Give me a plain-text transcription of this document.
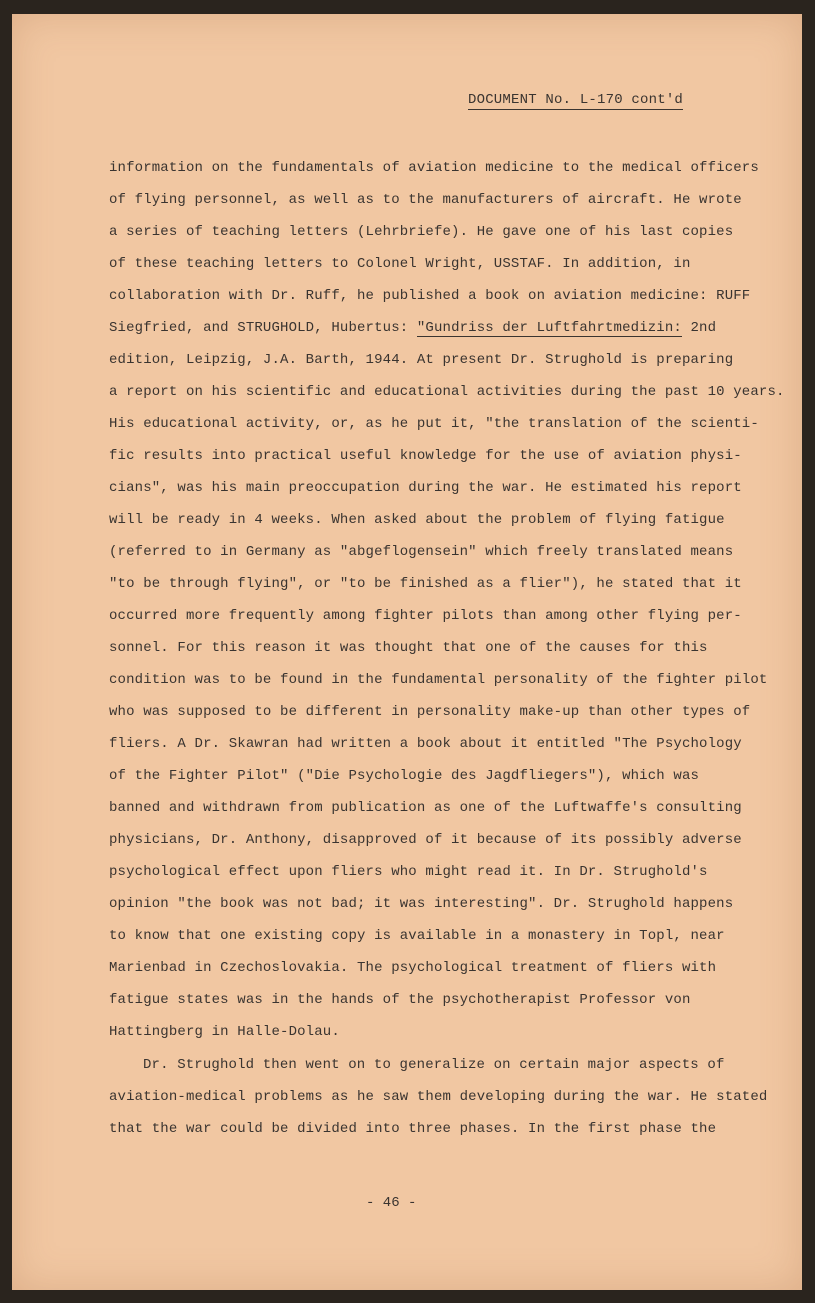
DOCUMENT No. L-170 cont'd
information on the fundamentals of aviation medicine to the medical officers
of flying personnel, as well as to the manufacturers of aircraft. He wrote
a series of teaching letters (Lehrbriefe). He gave one of his last copies
of these teaching letters to Colonel Wright, USSTAF. In addition, in
collaboration with Dr. Ruff, he published a book on aviation medicine: RUFF
Siegfried, and STRUGHOLD, Hubertus: "Gundriss der Luftfahrtmedizin: 2nd
edition, Leipzig, J.A. Barth, 1944. At present Dr. Strughold is preparing
a report on his scientific and educational activities during the past 10 years.
His educational activity, or, as he put it, "the translation of the scienti-
fic results into practical useful knowledge for the use of aviation physi-
cians", was his main preoccupation during the war. He estimated his report
will be ready in 4 weeks. When asked about the problem of flying fatigue
(referred to in Germany as "abgeflogensein" which freely translated means
"to be through flying", or "to be finished as a flier"), he stated that it
occurred more frequently among fighter pilots than among other flying per-
sonnel. For this reason it was thought that one of the causes for this
condition was to be found in the fundamental personality of the fighter pilot
who was supposed to be different in personality make-up than other types of
fliers. A Dr. Skawran had written a book about it entitled "The Psychology
of the Fighter Pilot" ("Die Psychologie des Jagdfliegers"), which was
banned and withdrawn from publication as one of the Luftwaffe's consulting
physicians, Dr. Anthony, disapproved of it because of its possibly adverse
psychological effect upon fliers who might read it. In Dr. Strughold's
opinion "the book was not bad; it was interesting". Dr. Strughold happens
to know that one existing copy is available in a monastery in Topl, near
Marienbad in Czechoslovakia. The psychological treatment of fliers with
fatigue states was in the hands of the psychotherapist Professor von
Hattingberg in Halle-Dolau.
Dr. Strughold then went on to generalize on certain major aspects of
aviation-medical problems as he saw them developing during the war. He stated
that the war could be divided into three phases. In the first phase the
- 46 -
